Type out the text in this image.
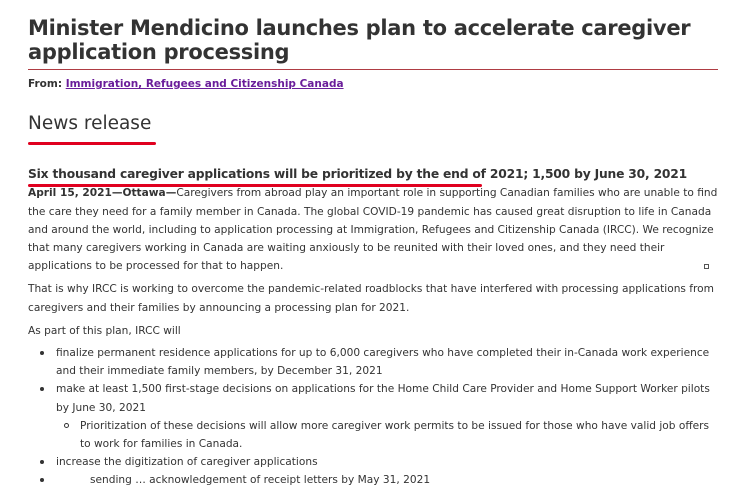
Minister Mendicino launches plan to accelerate caregiver application processing
From: Immigration, Refugees and Citizenship Canada
News release
Six thousand caregiver applications will be prioritized by the end of 2021; 1,500 by June 30, 2021

April 15, 2021—Ottawa—Caregivers from abroad play an important role in supporting Canadian families who are unable to find the care they need for a family member in Canada. The global COVID-19 pandemic has caused great disruption to life in Canada and around the world, including to application processing at Immigration, Refugees and Citizenship Canada (IRCC). We recognize that many caregivers working in Canada are waiting anxiously to be reunited with their loved ones, and they need their applications to be processed for that to happen.

That is why IRCC is working to overcome the pandemic-related roadblocks that have interfered with processing applications from caregivers and their families by announcing a processing plan for 2021.

As part of this plan, IRCC will

finalize permanent residence applications for up to 6,000 caregivers who have completed their in-Canada work experience and their immediate family members, by December 31, 2021
make at least 1,500 first-stage decisions on applications for the Home Child Care Provider and Home Support Worker pilots by June 30, 2021
Prioritization of these decisions will allow more caregiver work permits to be issued for those who have valid job offers to work for families in Canada.
increase the digitization of caregiver applications
sending … acknowledgement of receipt letters by May 31, 2021
